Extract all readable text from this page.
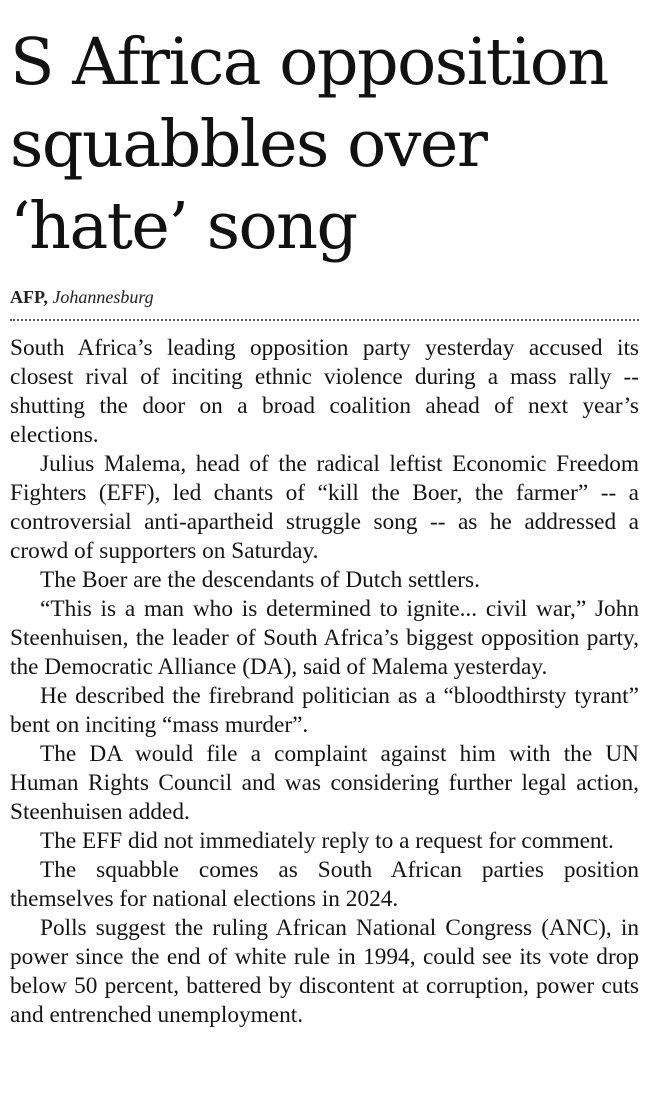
S Africa opposition
squabbles over
‘hate’ song
AFP, Johannesburg

South Africa’s leading opposition party yesterday accused its closest rival of inciting ethnic violence during a mass rally -- shutting the door on a broad coalition ahead of next year’s elections.

Julius Malema, head of the radical leftist Economic Freedom Fighters (EFF), led chants of “kill the Boer, the farmer” -- a controversial anti-apartheid struggle song -- as he addressed a crowd of supporters on Saturday.

The Boer are the descendants of Dutch settlers.

“This is a man who is determined to ignite... civil war,” John Steenhuisen, the leader of South Africa’s biggest opposition party, the Democratic Alliance (DA), said of Malema yesterday.

He described the firebrand politician as a “bloodthirsty tyrant” bent on inciting “mass murder”.

The DA would file a complaint against him with the UN Human Rights Council and was considering further legal action, Steenhuisen added.

The EFF did not immediately reply to a request for comment.

The squabble comes as South African parties position themselves for national elections in 2024.

Polls suggest the ruling African National Congress (ANC), in power since the end of white rule in 1994, could see its vote drop below 50 percent, battered by discontent at corruption, power cuts and entrenched unemployment.
